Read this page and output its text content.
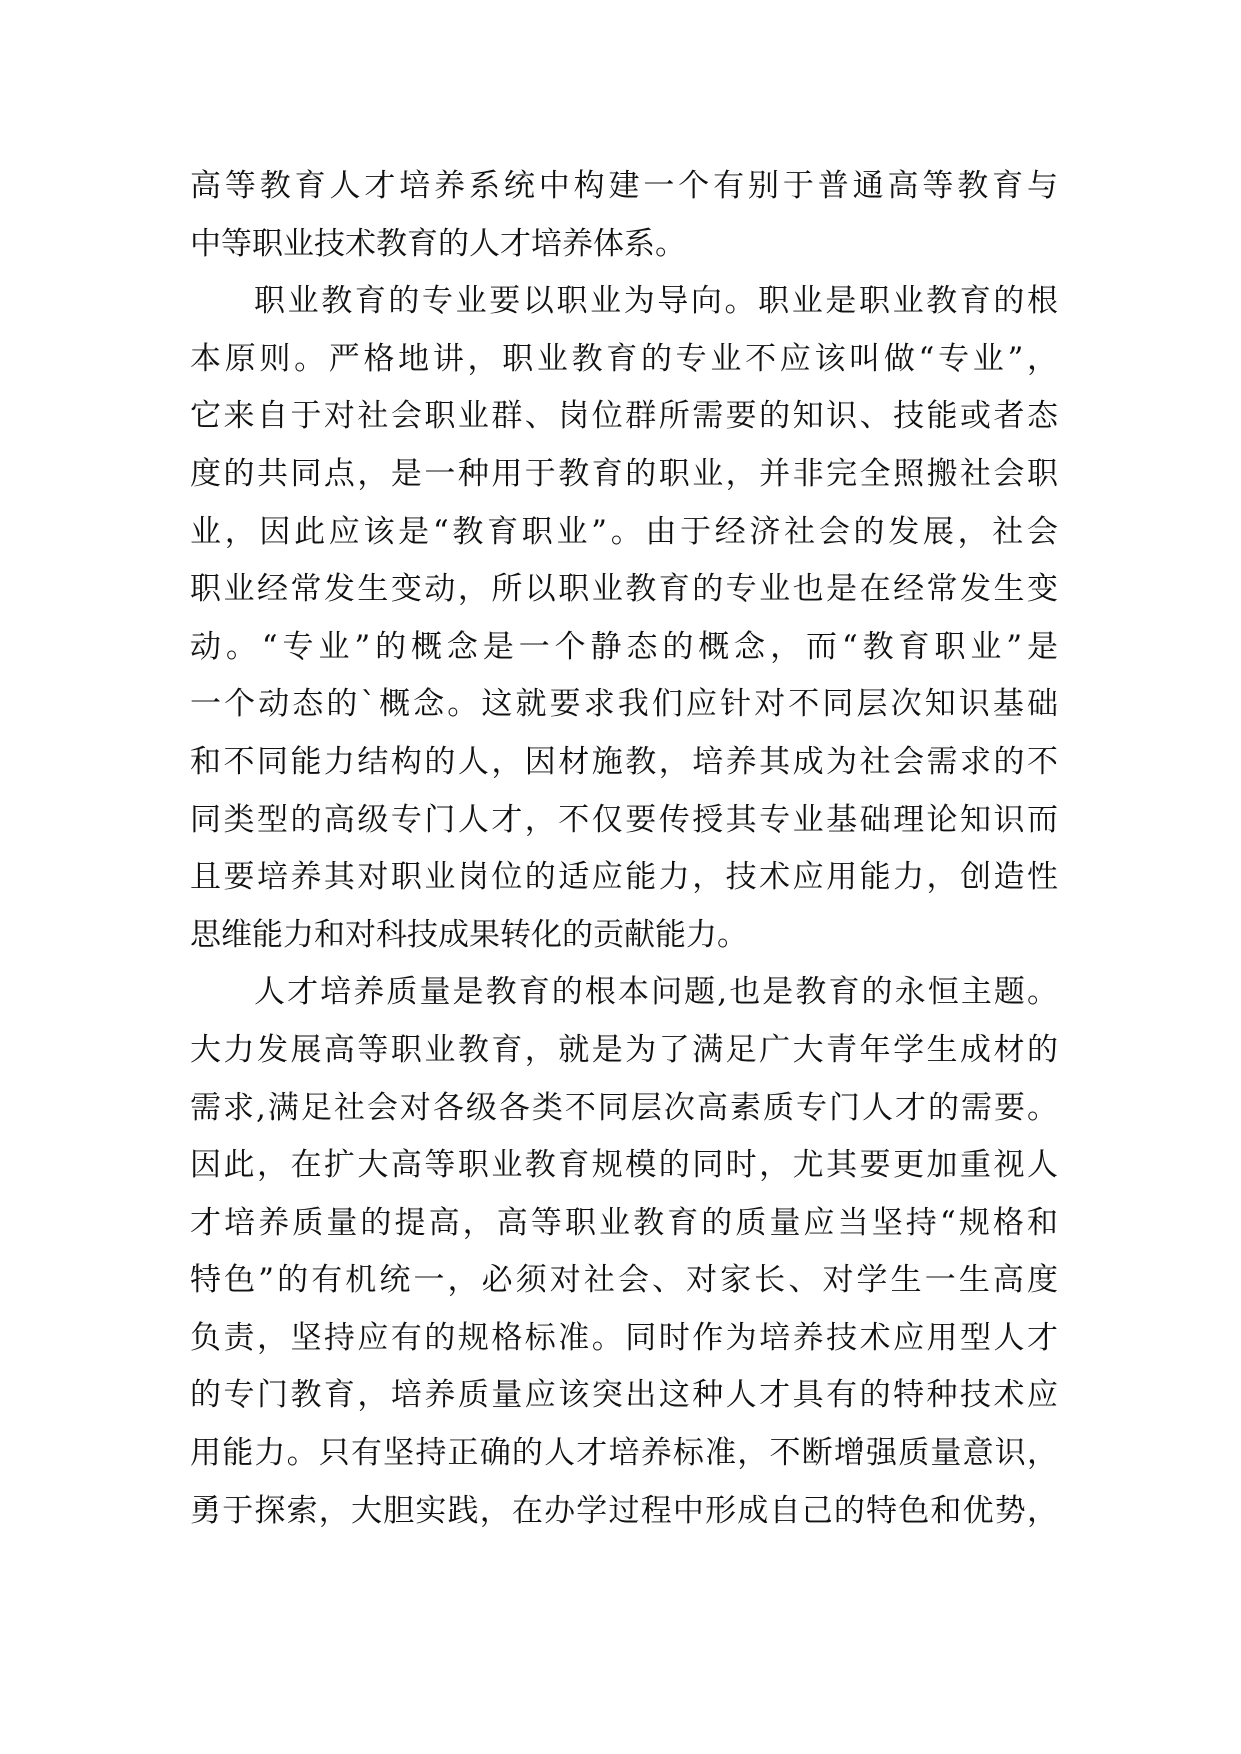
高等教育人才培养系统中构建一个有别于普通高等教育与
中等职业技术教育的人才培养体系。
职业教育的专业要以职业为导向。职业是职业教育的根
本原则。严格地讲，职业教育的专业不应该叫做“专业”，
它来自于对社会职业群、岗位群所需要的知识、技能或者态
度的共同点，是一种用于教育的职业，并非完全照搬社会职
业，因此应该是“教育职业”。由于经济社会的发展，社会
职业经常发生变动，所以职业教育的专业也是在经常发生变
动。“专业”的概念是一个静态的概念，而“教育职业”是
一个动态的`概念。这就要求我们应针对不同层次知识基础
和不同能力结构的人，因材施教，培养其成为社会需求的不
同类型的高级专门人才，不仅要传授其专业基础理论知识而
且要培养其对职业岗位的适应能力，技术应用能力，创造性
思维能力和对科技成果转化的贡献能力。
人才培养质量是教育的根本问题,也是教育的永恒主题。
大力发展高等职业教育，就是为了满足广大青年学生成材的
需求,满足社会对各级各类不同层次高素质专门人才的需要。
因此，在扩大高等职业教育规模的同时，尤其要更加重视人
才培养质量的提高，高等职业教育的质量应当坚持“规格和
特色”的有机统一，必须对社会、对家长、对学生一生高度
负责，坚持应有的规格标准。同时作为培养技术应用型人才
的专门教育，培养质量应该突出这种人才具有的特种技术应
用能力。只有坚持正确的人才培养标准，不断增强质量意识，
勇于探索，大胆实践，在办学过程中形成自己的特色和优势，
